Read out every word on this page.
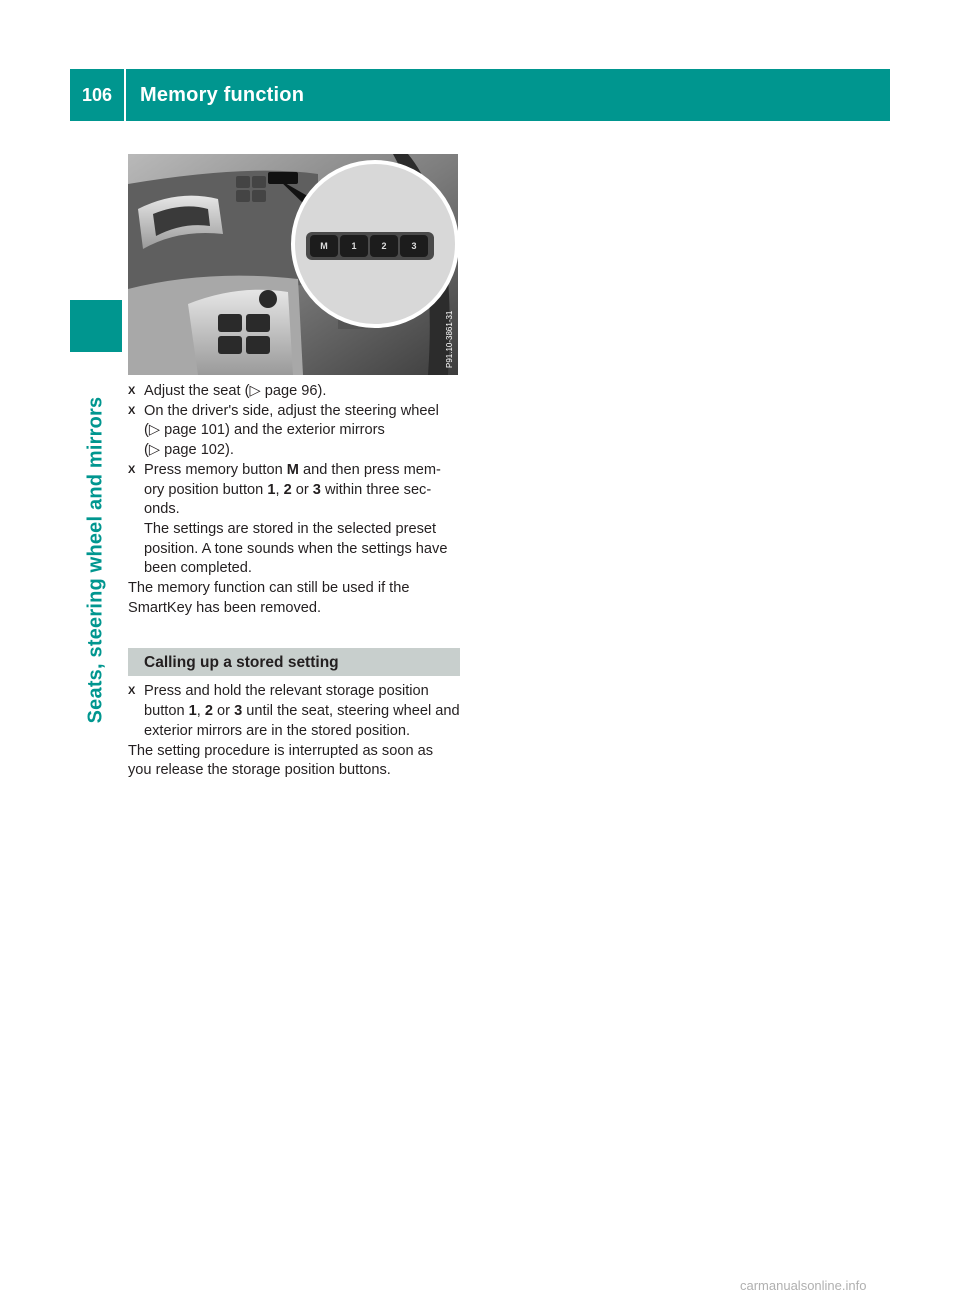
106	Memory function
Seats, steering wheel and mirrors
M	1	2	3
P91.10-3861-31
X Adjust the seat (▷ page 96).
X On the driver's side, adjust the steering wheel
(▷ page 101) and the exterior mirrors
(▷ page 102).
X Press memory button M and then press mem-
ory position button 1, 2 or 3 within three sec-
onds.
The settings are stored in the selected preset position. A tone sounds when the settings have been completed.

The memory function can still be used if the SmartKey has been removed.

Calling up a stored setting
X Press and hold the relevant storage position button 1, 2 or 3 until the seat, steering wheel and exterior mirrors are in the stored position.

The setting procedure is interrupted as soon as you release the storage position buttons.

carmanualsonline.info
